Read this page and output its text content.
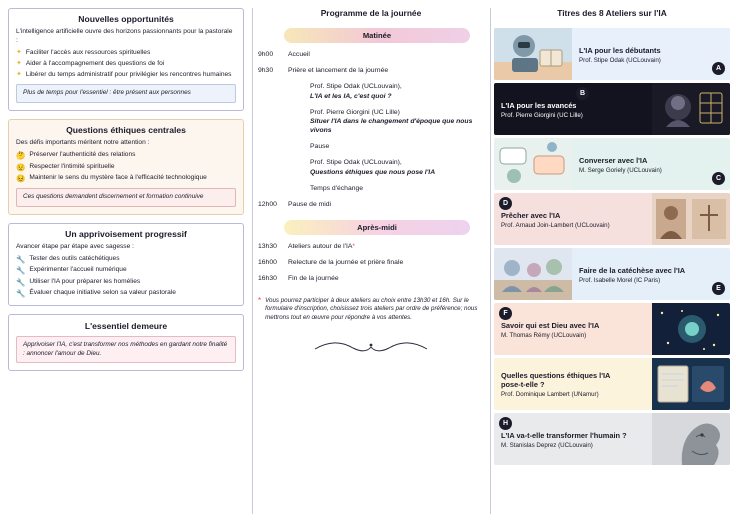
Nouvelles opportunités
L'intelligence artificielle ouvre des horizons passionnants pour la pastorale :
✦ Faciliter l'accès aux ressources spirituelles
✦ Aider à l'accompagnement des questions de foi
✦ Libérer du temps administratif pour privilégier les rencontres humaines
Plus de temps pour l'essentiel : être présent aux personnes
Questions éthiques centrales
Des défis importants méritent notre attention :
🤔 Préserver l'authenticité des relations
😟 Respecter l'intimité spirituelle
😣 Maintenir le sens du mystère face à l'efficacité technologique
Ces questions demandent discernement et formation continuive
Un apprivoisement progressif
Avancer étape par étape avec sagesse :
🔧 Tester des outils catéchétiques
🔧 Expérimenter l'accueil numérique
🔧 Utiliser l'IA pour préparer les homélies
🔧 Évaluer chaque initiative selon sa valeur pastorale
L'essentiel demeure
Apprivoiser l'IA, c'est transformer nos méthodes en gardant notre finalité : annoncer l'amour de Dieu.
Programme de la journée
Matinée
9h00	Accueil
9h30	Prière et lancement de la journée
Prof. Stipe Odak (UCLouvain),
L'IA et les IA, c'est quoi ?
Prof. Pierre Giorgini (UC Lille)
Situer l'IA dans le changement d'époque que nous vivons
Pause
Prof. Stipe Odak (UCLouvain),
Questions éthiques que nous pose l'IA
Temps d'échange
12h00	Pause de midi
Après-midi
13h30	Ateliers autour de l'IA*
16h00	Relecture de la journée et prière finale
16h30	Fin de la journée
* Vous pourrez participer à deux ateliers au choix entre 13h30 et 16h. Sur le formulaire d'inscription, choisissez trois ateliers par ordre de préférence; nous mettrons tout en œuvre pour répondre à vos attentes.
Titres des 8 Ateliers sur l'IA
L'IA pour les débutants
Prof. Stipe Odak (UCLouvain)
A
L'IA pour les avancés
Prof. Pierre Giorgini (UC Lille)
B
Converser avec l'IA
M. Serge Goriely (UCLouvain)
C
Prêcher avec l'IA
Prof. Arnaud Join-Lambert (UCLouvain)
D
Faire de la catéchèse avec l'IA
Prof. Isabelle Morel (IC Paris)
E
Savoir qui est Dieu avec l'IA
M. Thomas Rémy (UCLouvain)
F
Quelles questions éthiques l'IA pose-t-elle ?
Prof. Dominique Lambert (UNamur)
L'IA va-t-elle transformer l'humain ?
M. Stanislas Deprez (UCLouvain)
H
